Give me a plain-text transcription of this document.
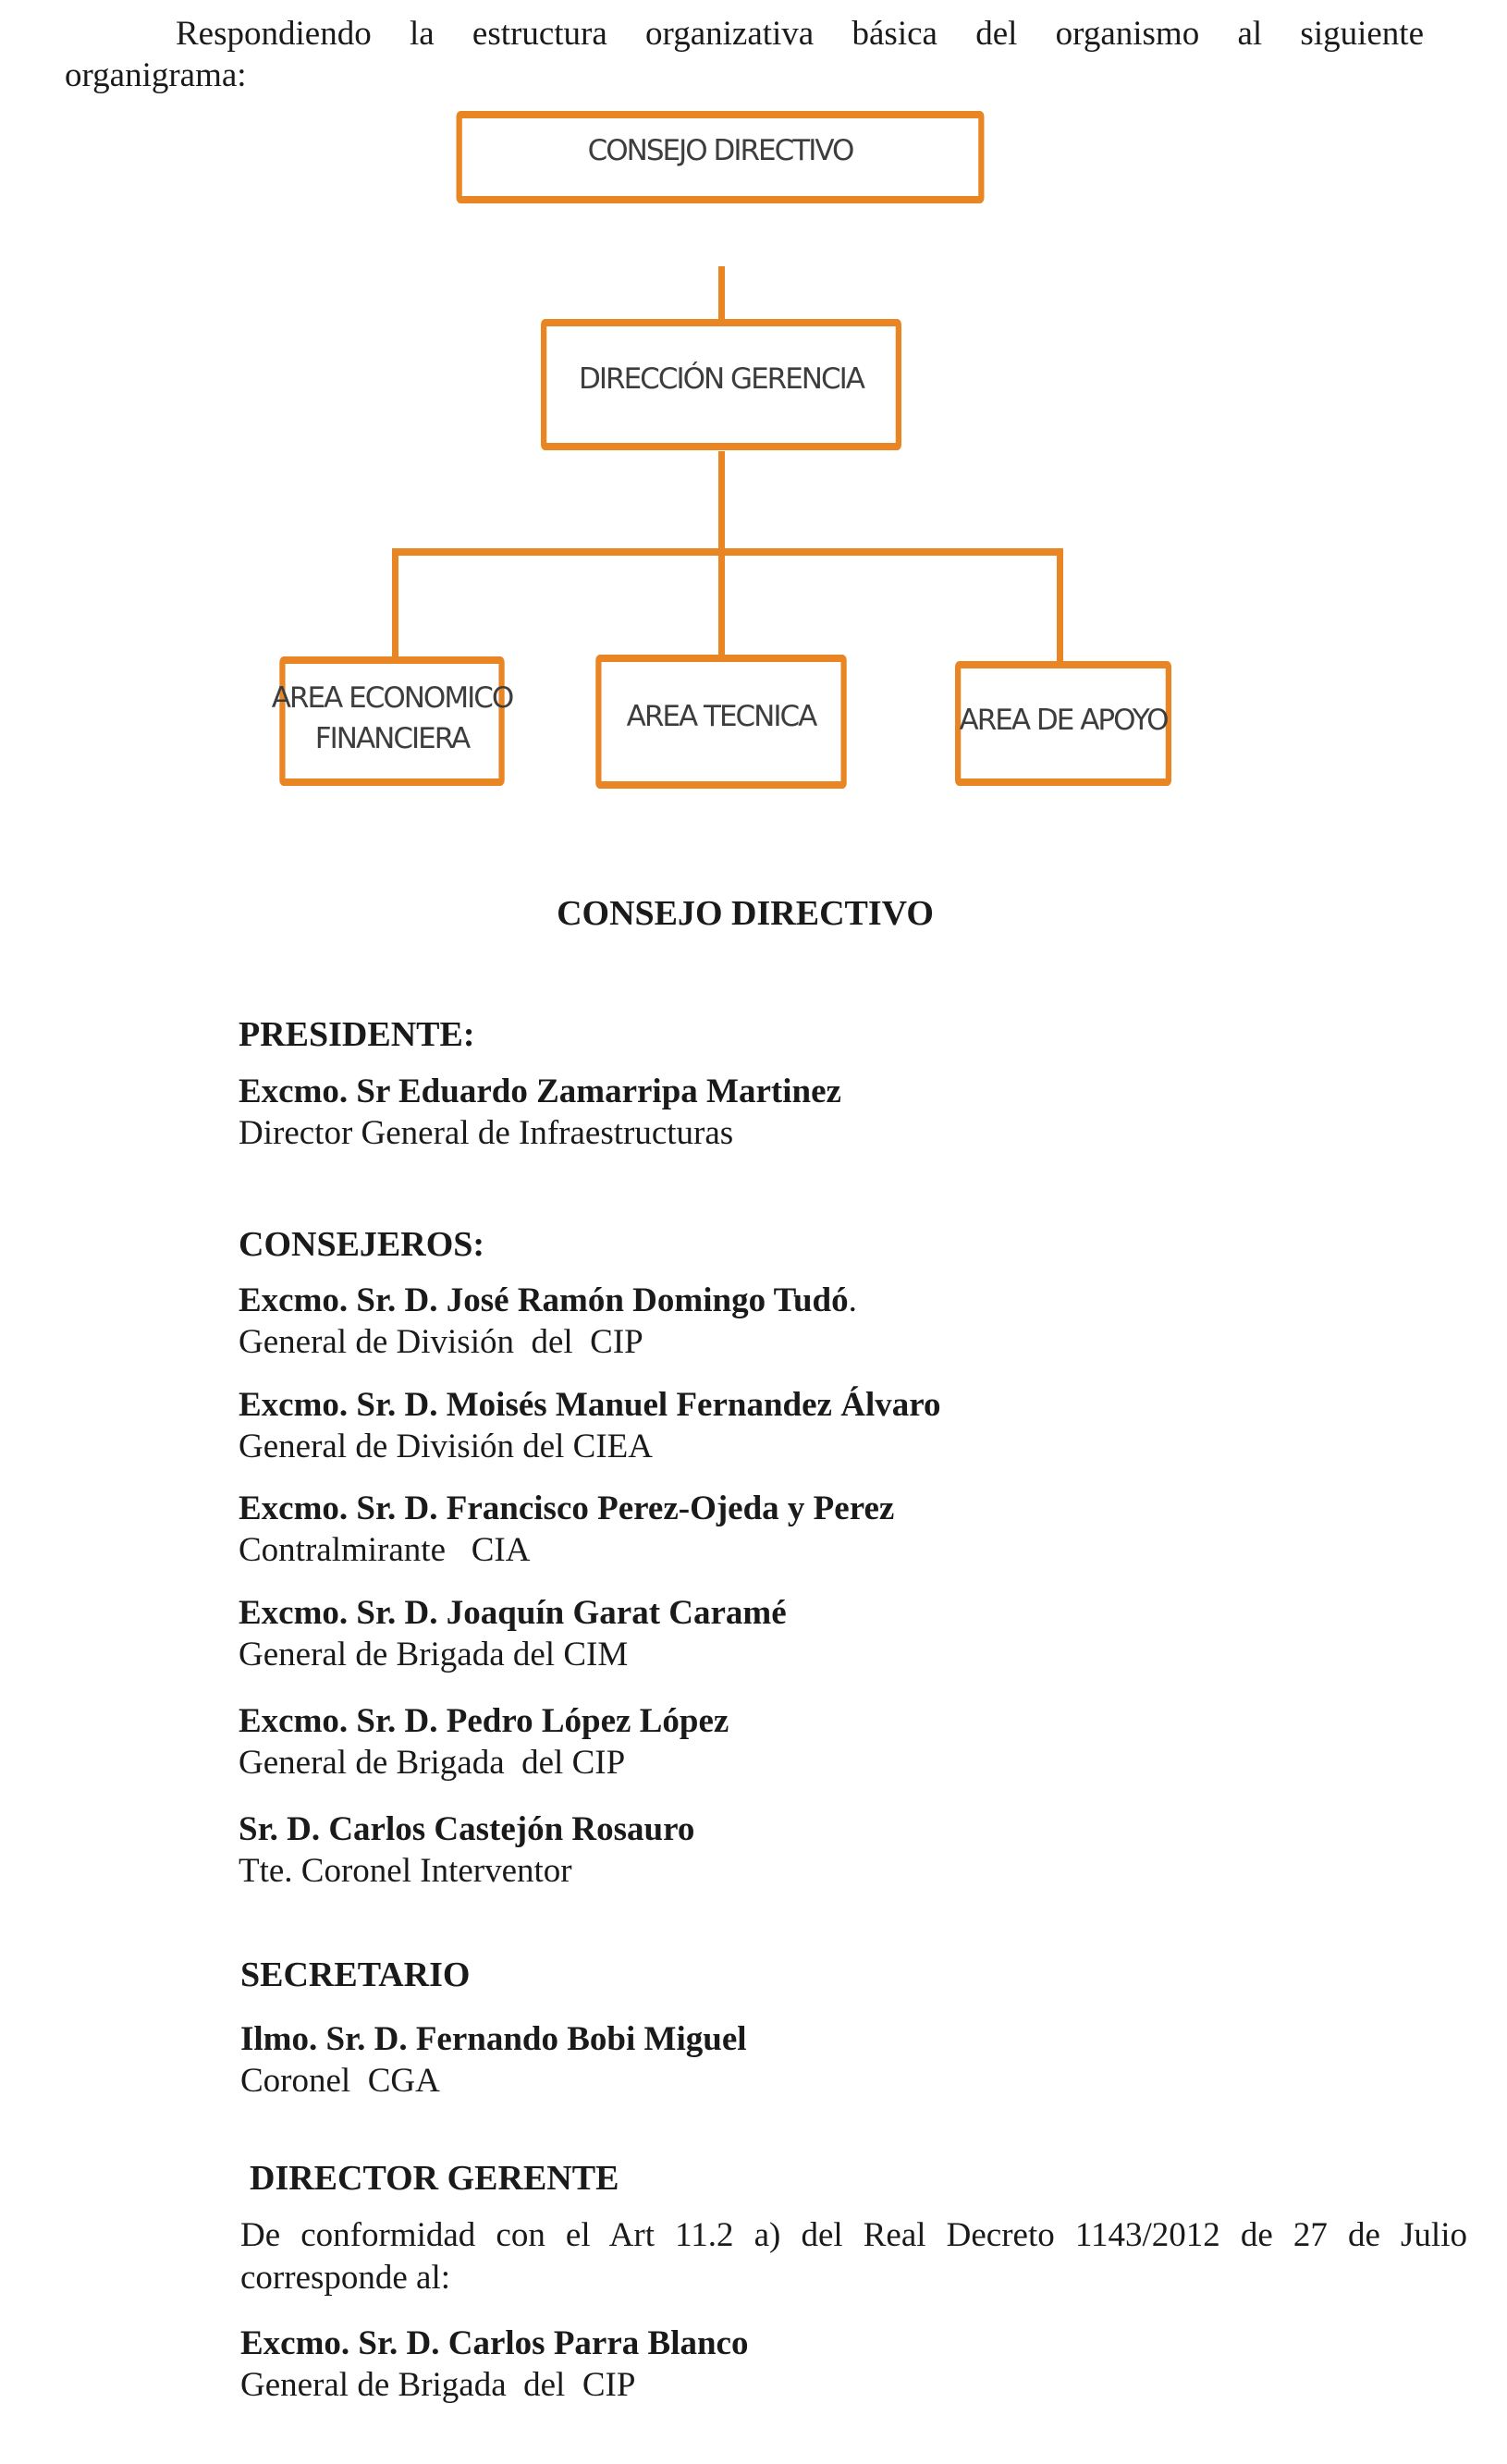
Respondiendo la estructura organizativa básica del organismo al siguiente
organigrama:
CONSEJO DIRECTIVO
DIRECCIÓN GERENCIA
AREA ECONOMICO
FINANCIERA
AREA TECNICA	AREA DE APOYO
CONSEJO DIRECTIVO
PRESIDENTE:
Excmo. Sr Eduardo Zamarripa Martinez
Director General de Infraestructuras
CONSEJEROS:
Excmo. Sr. D. José Ramón Domingo Tudó.
General de División  del  CIP
Excmo. Sr. D. Moisés Manuel Fernandez Álvaro
General de División del CIEA
Excmo. Sr. D. Francisco Perez-Ojeda y Perez
Contralmirante   CIA
Excmo. Sr. D. Joaquín Garat Caramé
General de Brigada del CIM
Excmo. Sr. D. Pedro López López
General de Brigada  del CIP
Sr. D. Carlos Castejón Rosauro
Tte. Coronel Interventor
SECRETARIO
Ilmo. Sr. D. Fernando Bobi Miguel
Coronel  CGA
DIRECTOR GERENTE
De conformidad con el Art 11.2 a) del Real Decreto 1143/2012 de 27 de Julio
corresponde al:
Excmo. Sr. D. Carlos Parra Blanco
General de Brigada  del  CIP
